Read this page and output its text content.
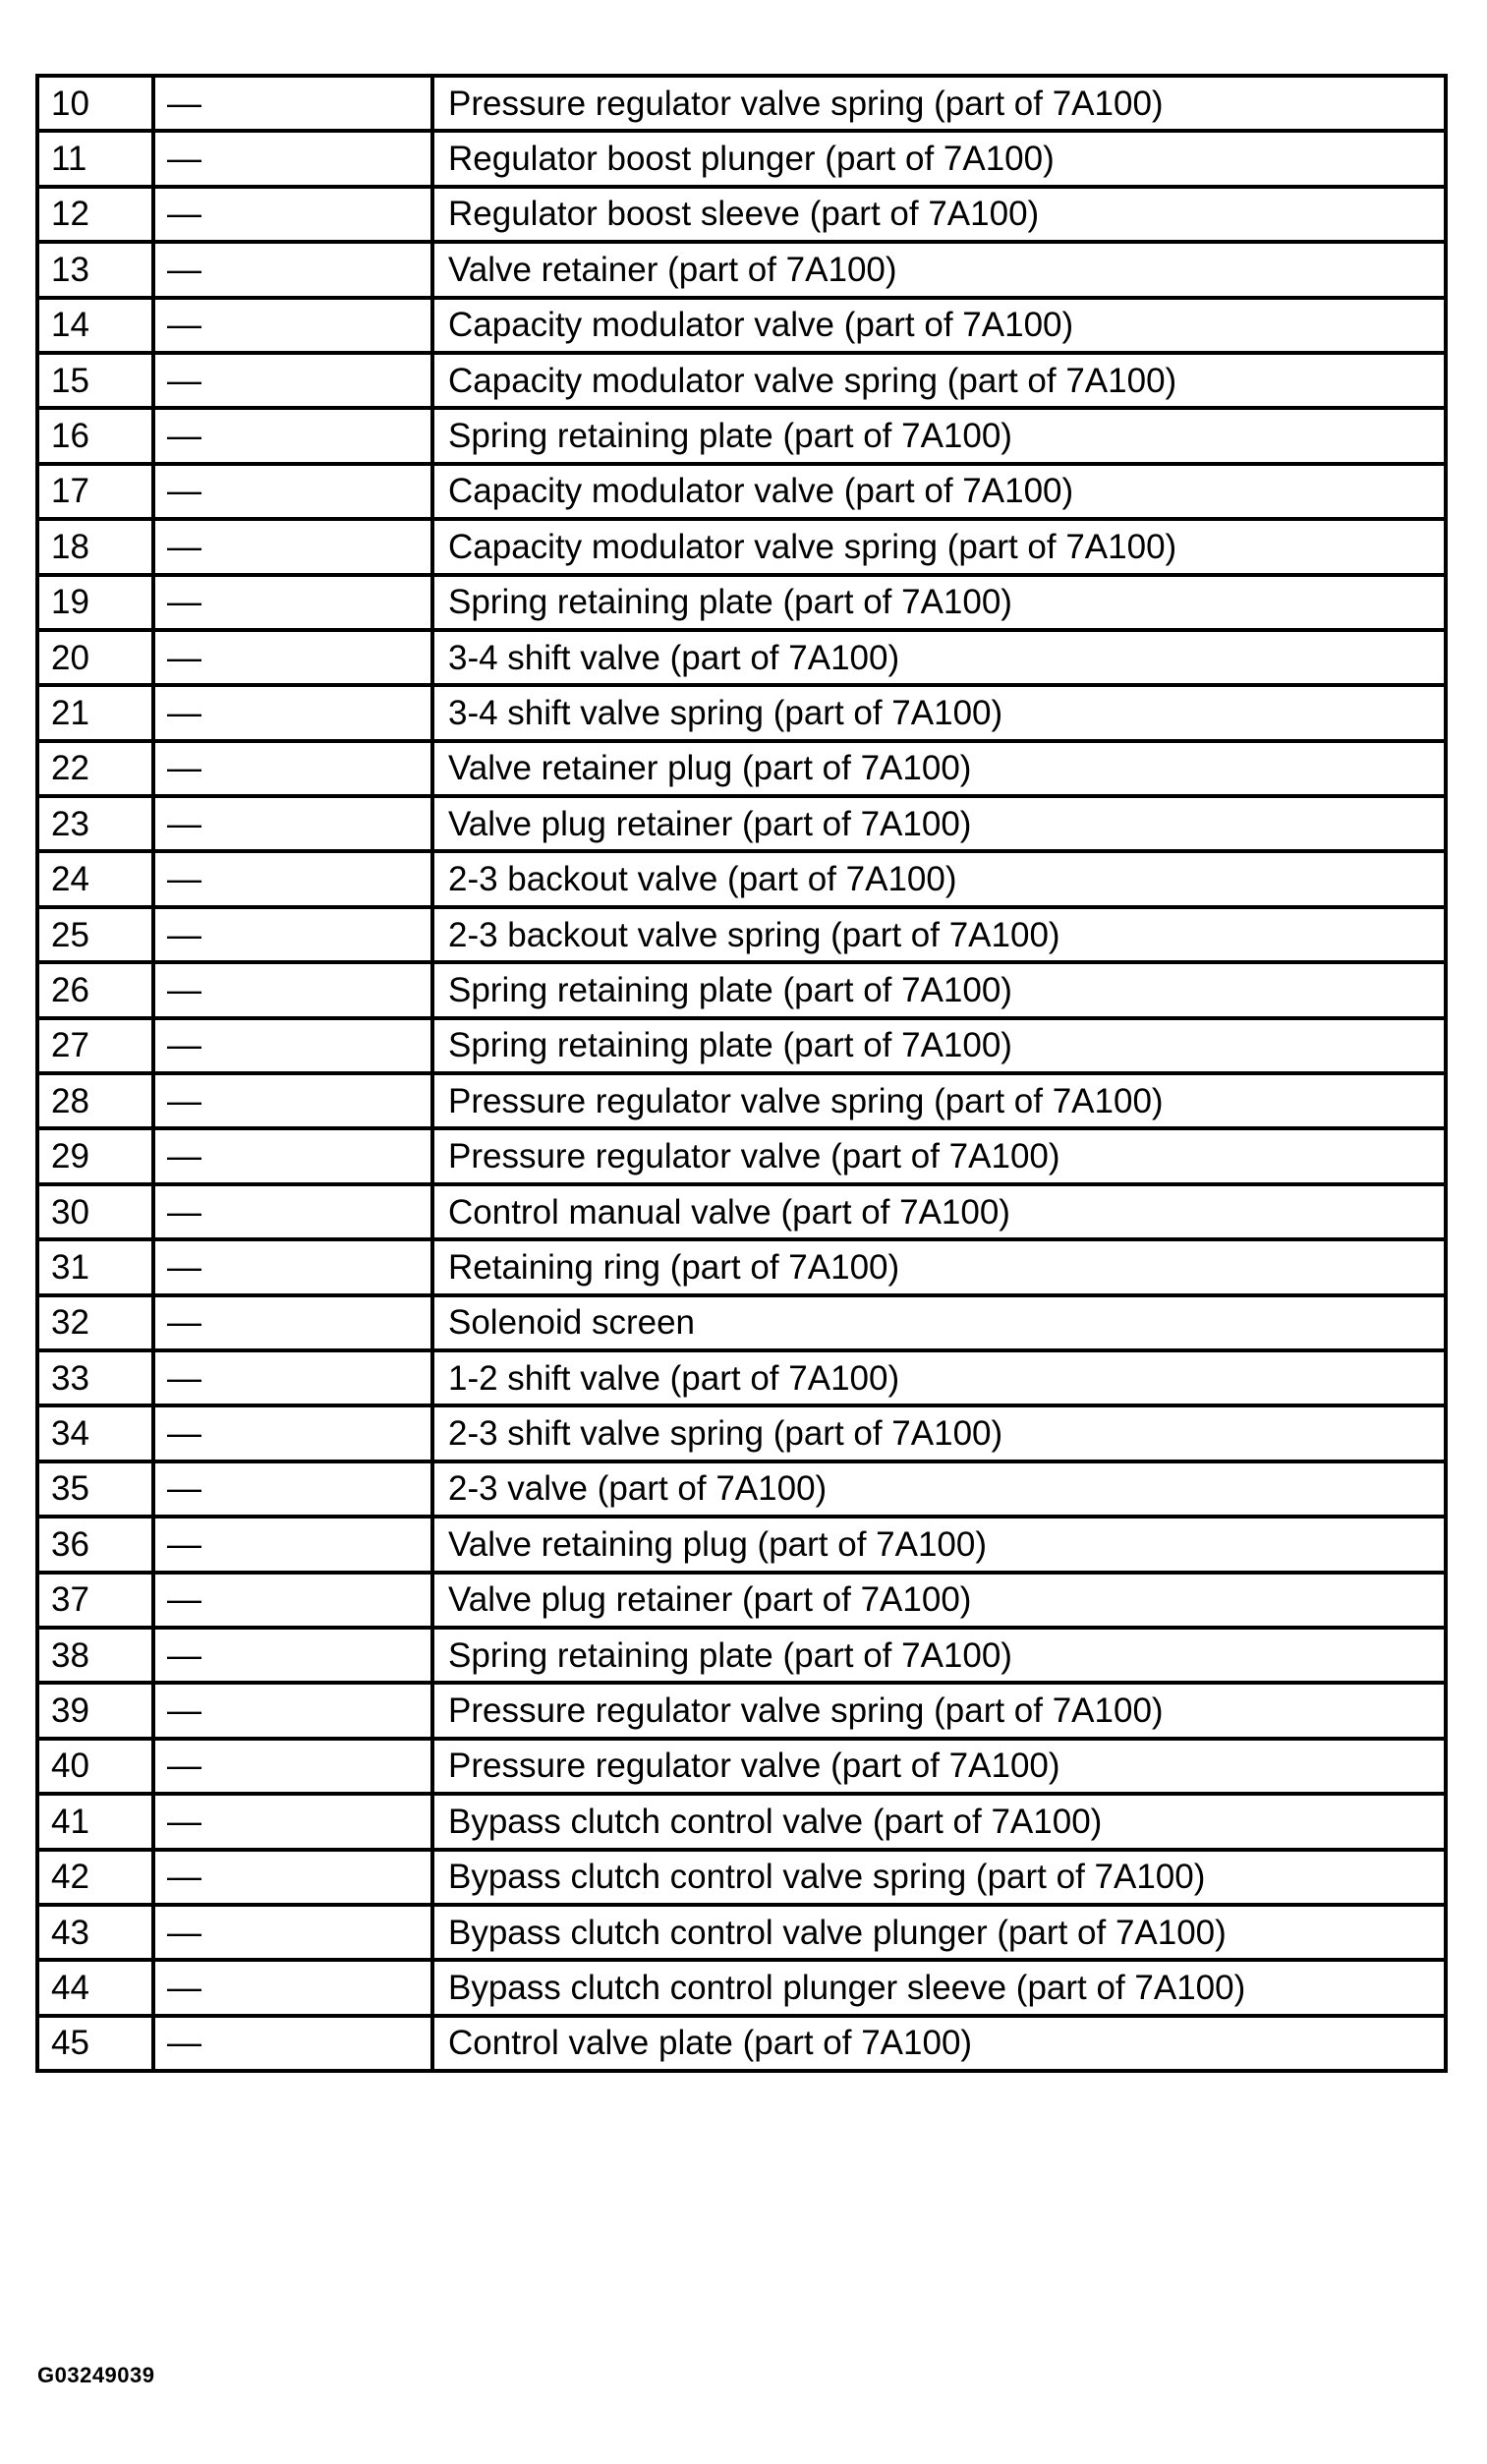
10	—	Pressure regulator valve spring (part of 7A100)
11	—	Regulator boost plunger (part of 7A100)
12	—	Regulator boost sleeve (part of 7A100)
13	—	Valve retainer (part of 7A100)
14	—	Capacity modulator valve (part of 7A100)
15	—	Capacity modulator valve spring (part of 7A100)
16	—	Spring retaining plate (part of 7A100)
17	—	Capacity modulator valve (part of 7A100)
18	—	Capacity modulator valve spring (part of 7A100)
19	—	Spring retaining plate (part of 7A100)
20	—	3-4 shift valve (part of 7A100)
21	—	3-4 shift valve spring (part of 7A100)
22	—	Valve retainer plug (part of 7A100)
23	—	Valve plug retainer (part of 7A100)
24	—	2-3 backout valve (part of 7A100)
25	—	2-3 backout valve spring (part of 7A100)
26	—	Spring retaining plate (part of 7A100)
27	—	Spring retaining plate (part of 7A100)
28	—	Pressure regulator valve spring (part of 7A100)
29	—	Pressure regulator valve (part of 7A100)
30	—	Control manual valve (part of 7A100)
31	—	Retaining ring (part of 7A100)
32	—	Solenoid screen
33	—	1-2 shift valve (part of 7A100)
34	—	2-3 shift valve spring (part of 7A100)
35	—	2-3 valve (part of 7A100)
36	—	Valve retaining plug (part of 7A100)
37	—	Valve plug retainer (part of 7A100)
38	—	Spring retaining plate (part of 7A100)
39	—	Pressure regulator valve spring (part of 7A100)
40	—	Pressure regulator valve (part of 7A100)
41	—	Bypass clutch control valve (part of 7A100)
42	—	Bypass clutch control valve spring (part of 7A100)
43	—	Bypass clutch control valve plunger (part of 7A100)
44	—	Bypass clutch control plunger sleeve (part of 7A100)
45	—	Control valve plate (part of 7A100)
G03249039
